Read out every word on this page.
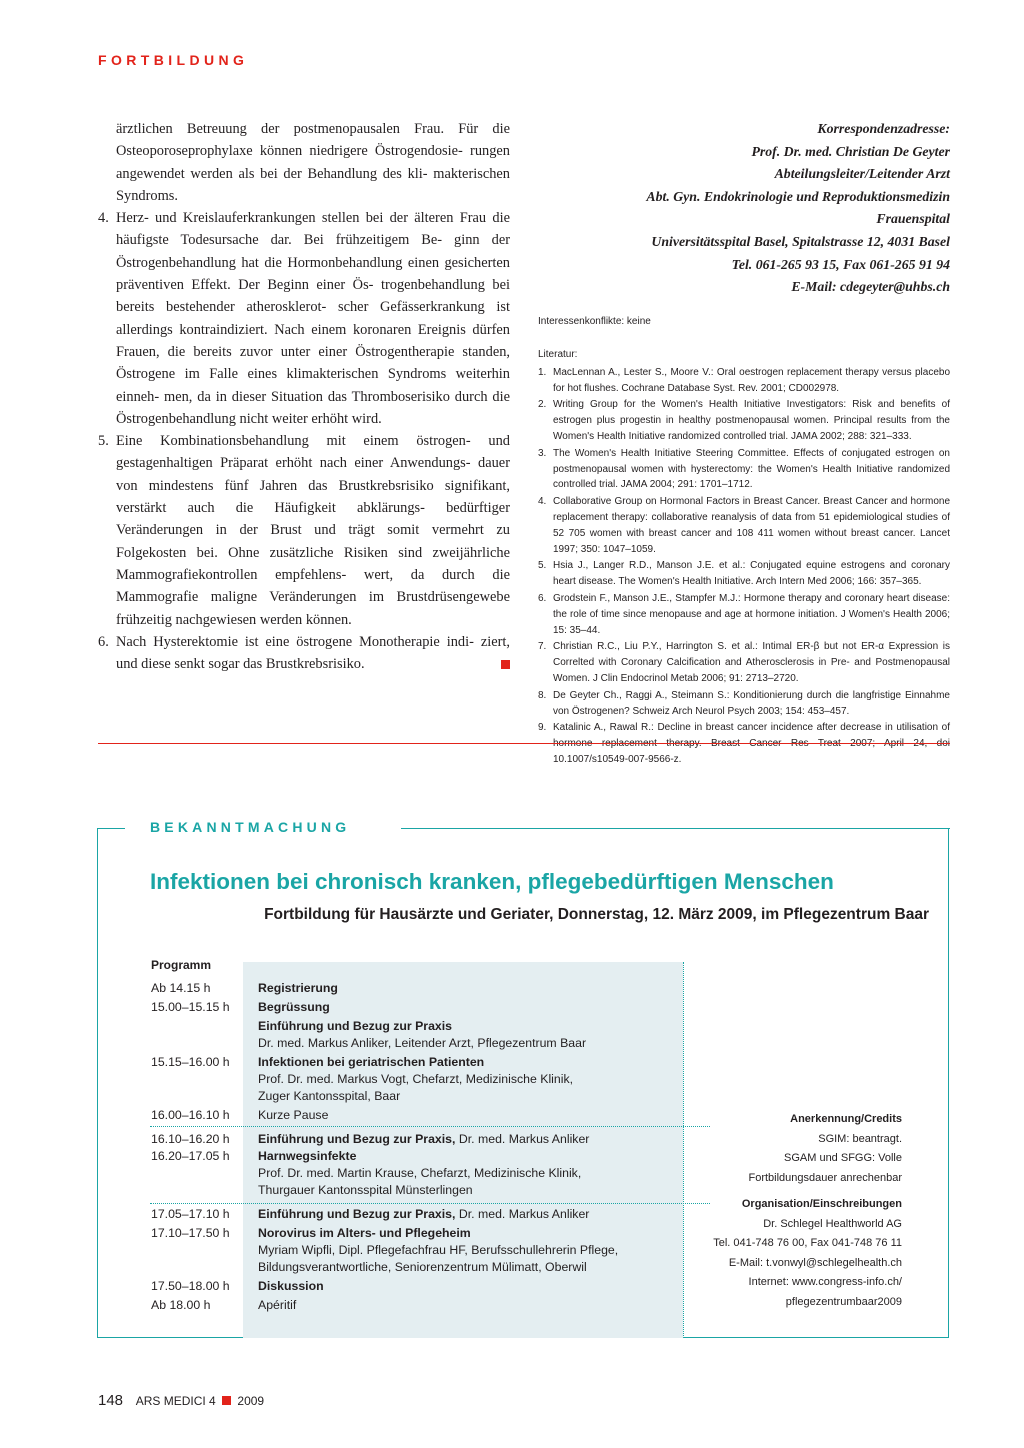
FORTBILDUNG

ärztlichen Betreuung der postmenopausalen Frau. Für die Osteoporoseprophylaxe können niedrigere Östrogendosie- rungen angewendet werden als bei der Behandlung des kli- makterischen Syndroms.

4. Herz- und Kreislauferkrankungen stellen bei der älteren Frau die häufigste Todesursache dar. Bei frühzeitigem Be- ginn der Östrogenbehandlung hat die Hormonbehandlung einen gesicherten präventiven Effekt. Der Beginn einer Ös- trogenbehandlung bei bereits bestehender atherosklerot- scher Gefässerkrankung ist allerdings kontraindiziert. Nach einem koronaren Ereignis dürfen Frauen, die bereits zuvor unter einer Östrogentherapie standen, Östrogene im Falle eines klimakterischen Syndroms weiterhin einneh- men, da in dieser Situation das Thromboserisiko durch die Östrogenbehandlung nicht weiter erhöht wird.
5. Eine Kombinationsbehandlung mit einem östrogen- und gestagenhaltigen Präparat erhöht nach einer Anwendungs- dauer von mindestens fünf Jahren das Brustkrebsrisiko signifikant, verstärkt auch die Häufigkeit abklärungs- bedürftiger Veränderungen in der Brust und trägt somit vermehrt zu Folgekosten bei. Ohne zusätzliche Risiken sind zweijährliche Mammografiekontrollen empfehlens- wert, da durch die Mammografie maligne Veränderungen im Brustdrüsengewebe frühzeitig nachgewiesen werden können.
6. Nach Hysterektomie ist eine östrogene Monotherapie indi- ziert, und diese senkt sogar das Brustkrebsrisiko.
Korrespondenzadresse:
Prof. Dr. med. Christian De Geyter
Abteilungsleiter/Leitender Arzt
Abt. Gyn. Endokrinologie und Reproduktionsmedizin
Frauenspital
Universitätsspital Basel, Spitalstrasse 12, 4031 Basel
Tel. 061-265 93 15, Fax 061-265 91 94
E-Mail: cdegeyter@uhbs.ch
Interessenkonflikte: keine
Literatur:
1. MacLennan A., Lester S., Moore V.: Oral oestrogen replacement therapy versus placebo for hot flushes. Cochrane Database Syst. Rev. 2001; CD002978.
2. Writing Group for the Women's Health Initiative Investigators: Risk and benefits of estrogen plus progestin in healthy postmenopausal women. Principal results from the Women's Health Initiative randomized controlled trial. JAMA 2002; 288: 321–333.
3. The Women's Health Initiative Steering Committee. Effects of conjugated estrogen on postmenopausal women with hysterectomy: the Women's Health Initiative randomized controlled trial. JAMA 2004; 291: 1701–1712.
4. Collaborative Group on Hormonal Factors in Breast Cancer. Breast Cancer and hormone replacement therapy: collaborative reanalysis of data from 51 epidemiological studies of 52 705 women with breast cancer and 108 411 women without breast cancer. Lancet 1997; 350: 1047–1059.
5. Hsia J., Langer R.D., Manson J.E. et al.: Conjugated equine estrogens and coronary heart disease. The Women's Health Initiative. Arch Intern Med 2006; 166: 357–365.
6. Grodstein F., Manson J.E., Stampfer M.J.: Hormone therapy and coronary heart disease: the role of time since menopause and age at hormone initiation. J Women's Health 2006; 15: 35–44.
7. Christian R.C., Liu P.Y., Harrington S. et al.: Intimal ER-β but not ER-α Expression is Correlted with Coronary Calcification and Atherosclerosis in Pre- and Postmenopausal Women. J Clin Endocrinol Metab 2006; 91: 2713–2720.
8. De Geyter Ch., Raggi A., Steimann S.: Konditionierung durch die langfristige Einnahme von Östrogenen? Schweiz Arch Neurol Psych 2003; 154: 453–457.
9. Katalinic A., Rawal R.: Decline in breast cancer incidence after decrease in utilisation of 10.1007/s10549-007-9566-z.
BEKANNTMACHUNG
Infektionen bei chronisch kranken, pflegebedürftigen Menschen
Fortbildung für Hausärzte und Geriater, Donnerstag, 12. März 2009, im Pflegezentrum Baar
Programm
Ab 14.15 h	Registrierung
15.00–15.15 h Begrüssung
Einführung und Bezug zur Praxis
Dr. med. Markus Anliker, Leitender Arzt, Pflegezentrum Baar
15.15–16.00 h Infektionen bei geriatrischen Patienten
Prof. Dr. med. Markus Vogt, Chefarzt, Medizinische Klinik,
Zuger Kantonsspital, Baar
16.00–16.10 h Kurze Pause
16.10–16.20 h Einführung und Bezug zur Praxis, Dr. med. Markus Anliker
16.20–17.05 h Harnwegsinfekte
Prof. Dr. med. Martin Krause, Chefarzt, Medizinische Klinik,
Thurgauer Kantonsspital Münsterlingen
17.05–17.10 h Einführung und Bezug zur Praxis, Dr. med. Markus Anliker
17.10–17.50 h Norovirus im Alters- und Pflegeheim
Myriam Wipfli, Dipl. Pflegefachfrau HF, Berufsschullehrerin Pflege,
Bildungsverantwortliche, Seniorenzentrum Mülimatt, Oberwil
17.50–18.00 h Diskussion
Ab 18.00 h	Apéritif
Anerkennung/Credits
SGIM: beantragt.
SGAM und SFGG: Volle
Fortbildungsdauer anrechenbar
Organisation/Einschreibungen
Dr. Schlegel Healthworld AG
Tel. 041-748 76 00, Fax 041-748 76 11
E-Mail: t.vonwyl@schlegelhealth.ch
Internet: www.congress-info.ch/
pflegezentrumbaar2009
148 ARS MEDICI 4 2009
